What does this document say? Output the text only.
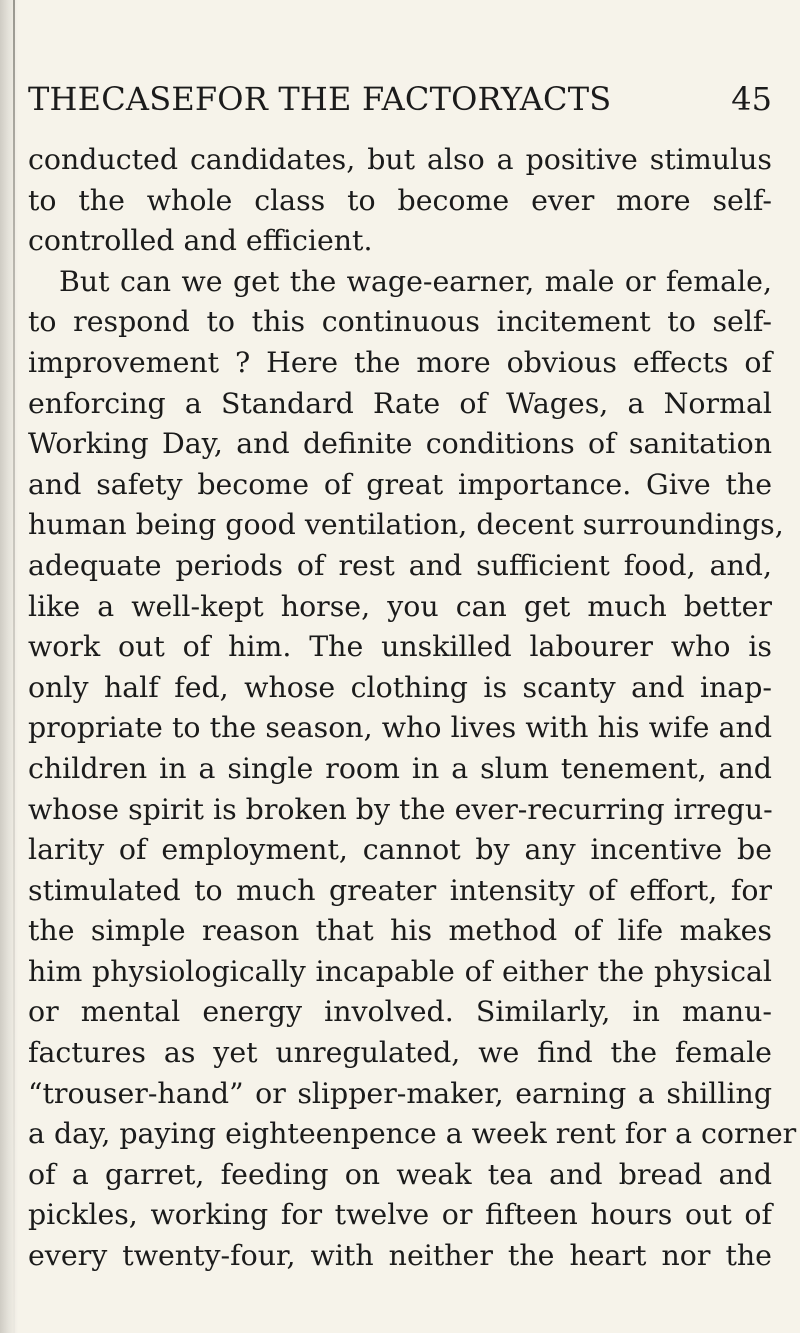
THECASEFOR THE FACTORYACTS	45
conducted candidates, but also a positive stimulus
to the whole class to become ever more self-
controlled and efficient.
But can we get the wage-earner, male or female,
to respond to this continuous incitement to self-
improvement ? Here the more obvious effects of
enforcing a Standard Rate of Wages, a Normal
Working Day, and definite conditions of sanitation
and safety become of great importance. Give the
human being good ventilation, decent surroundings,
adequate periods of rest and sufficient food, and,
like a well-kept horse, you can get much better
work out of him. The unskilled labourer who is
only half fed, whose clothing is scanty and inap-
propriate to the season, who lives with his wife and
children in a single room in a slum tenement, and
whose spirit is broken by the ever-recurring irregu-
larity of employment, cannot by any incentive be
stimulated to much greater intensity of effort, for
the simple reason that his method of life makes
him physiologically incapable of either the physical
or mental energy involved. Similarly, in manu-
factures as yet unregulated, we find the female
“trouser-hand” or slipper-maker, earning a shilling
a day, paying eighteenpence a week rent for a corner
of a garret, feeding on weak tea and bread and
pickles, working for twelve or fifteen hours out of
every twenty-four, with neither the heart nor the
